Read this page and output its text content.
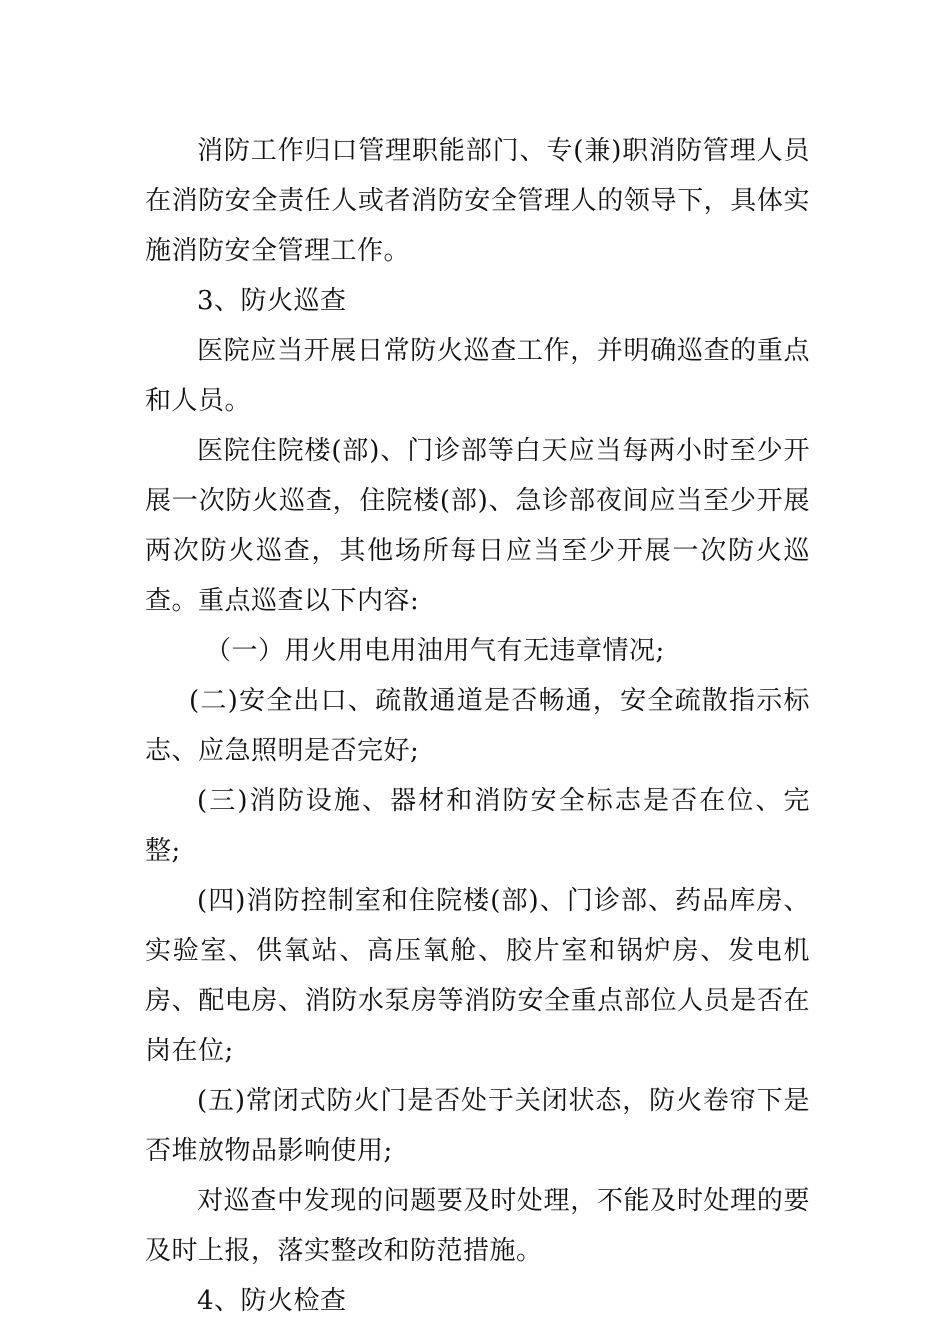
消防工作归口管理职能部门、专(兼)职消防管理人员在消防安全责任人或者消防安全管理人的领导下，具体实施消防安全管理工作。

3、防火巡查

医院应当开展日常防火巡查工作，并明确巡查的重点和人员。

医院住院楼(部)、门诊部等白天应当每两小时至少开展一次防火巡查，住院楼(部)、急诊部夜间应当至少开展两次防火巡查，其他场所每日应当至少开展一次防火巡查。重点巡查以下内容:

（一）用火用电用油用气有无违章情况;

(二)安全出口、疏散通道是否畅通，安全疏散指示标志、应急照明是否完好;

(三)消防设施、器材和消防安全标志是否在位、完整;

(四)消防控制室和住院楼(部)、门诊部、药品库房、实验室、供氧站、高压氧舱、胶片室和锅炉房、发电机房、配电房、消防水泵房等消防安全重点部位人员是否在岗在位;

(五)常闭式防火门是否处于关闭状态，防火卷帘下是否堆放物品影响使用;

对巡查中发现的问题要及时处理，不能及时处理的要及时上报，落实整改和防范措施。

4、防火检查
